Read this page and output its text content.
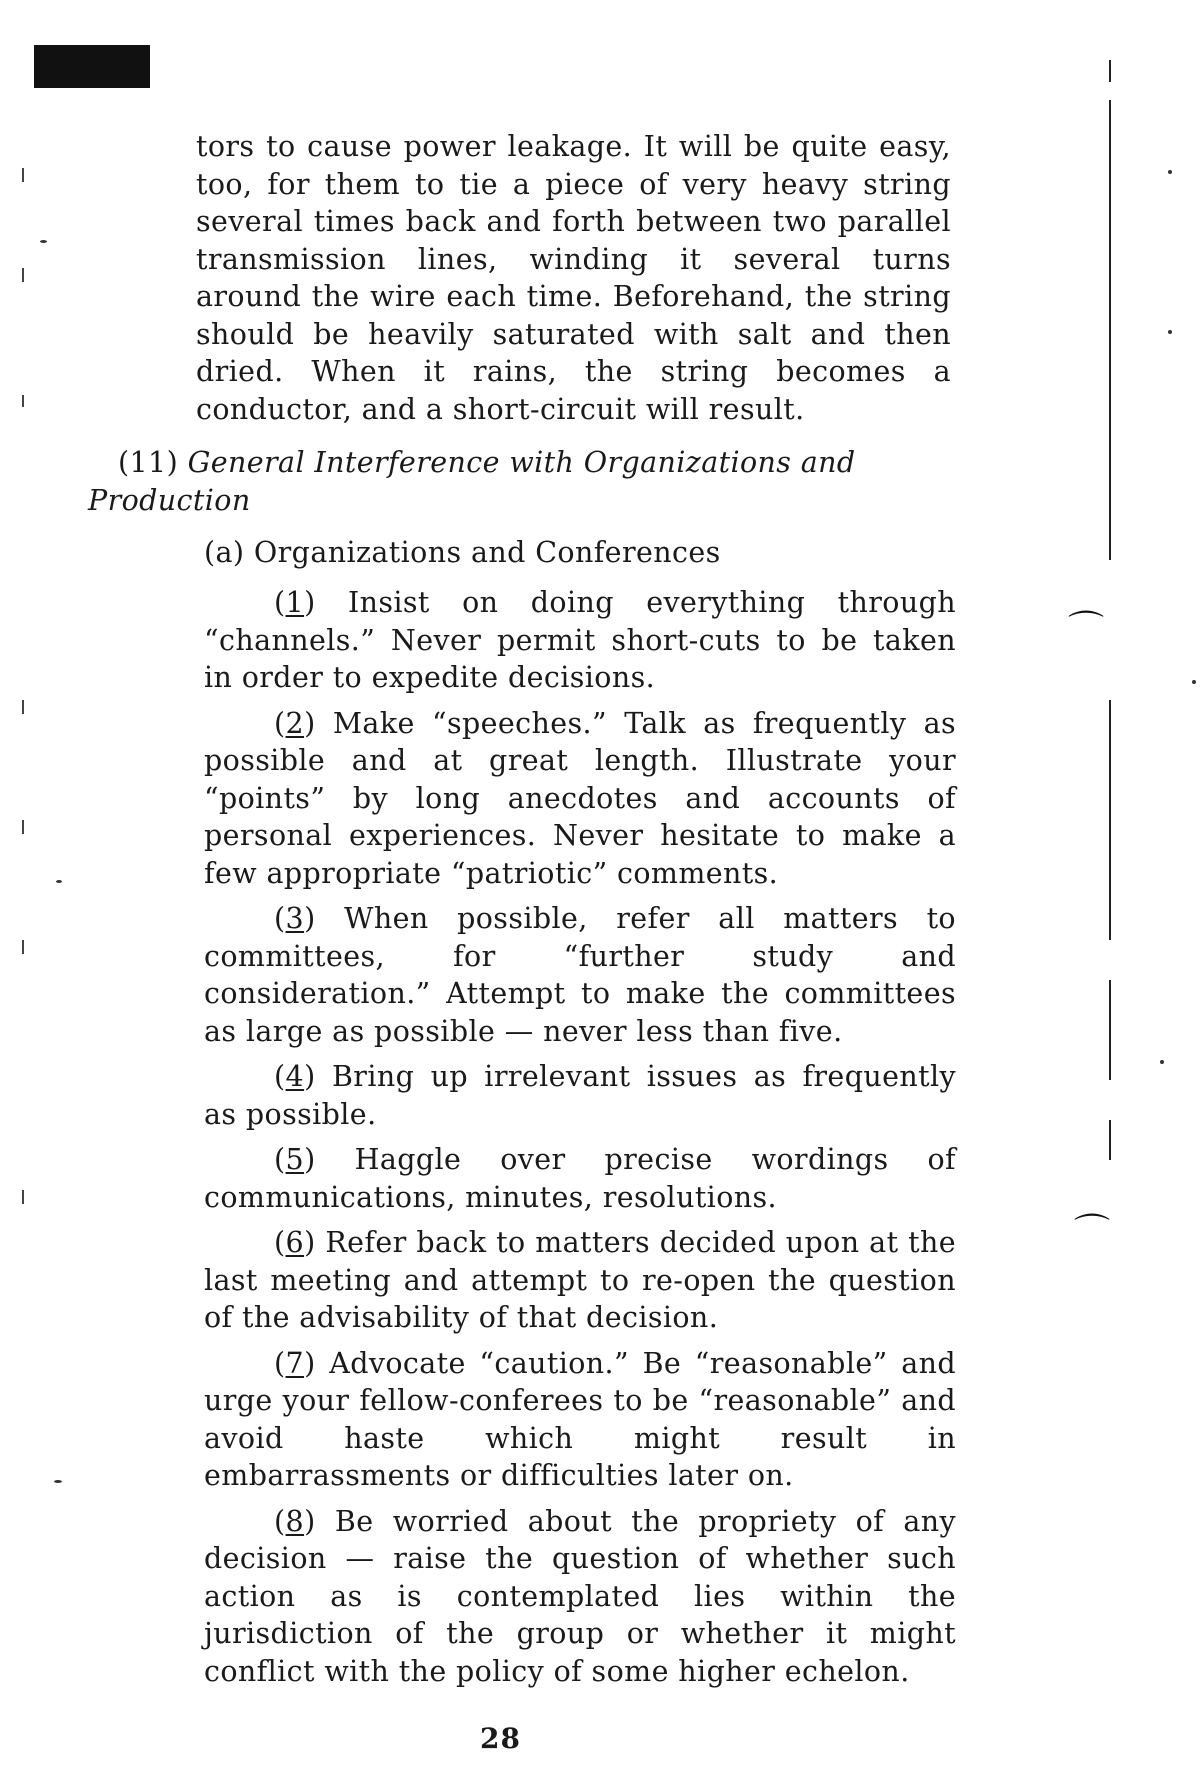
⌒
⌒

tors to cause power leakage. It will be quite easy, too, for them to tie a piece of very heavy string several times back and forth between two parallel transmission lines, winding it several turns around the wire each time. Beforehand, the string should be heavily saturated with salt and then dried. When it rains, the string becomes a conductor, and a short-circuit will result.

(11) General Interference with Organizations and Production
(a) Organizations and Conferences

(1) Insist on doing everything through “channels.” Never permit short-cuts to be taken in order to expedite decisions.

(2) Make “speeches.” Talk as frequently as possible and at great length. Illustrate your “points” by long anecdotes and accounts of personal experiences. Never hesitate to make a few appropriate “patriotic” comments.

(3) When possible, refer all matters to committees, for “further study and consideration.” Attempt to make the committees as large as possible — never less than five.

(4) Bring up irrelevant issues as frequently as possible.

(5) Haggle over precise wordings of communications, minutes, resolutions.

(6) Refer back to matters decided upon at the last meeting and attempt to re-open the question of the advisability of that decision.

(7) Advocate “caution.” Be “reasonable” and urge your fellow-conferees to be “reasonable” and avoid haste which might result in embarrassments or difficulties later on.

(8) Be worried about the propriety of any decision — raise the question of whether such action as is contemplated lies within the jurisdiction of the group or whether it might conflict with the policy of some higher echelon.

28
